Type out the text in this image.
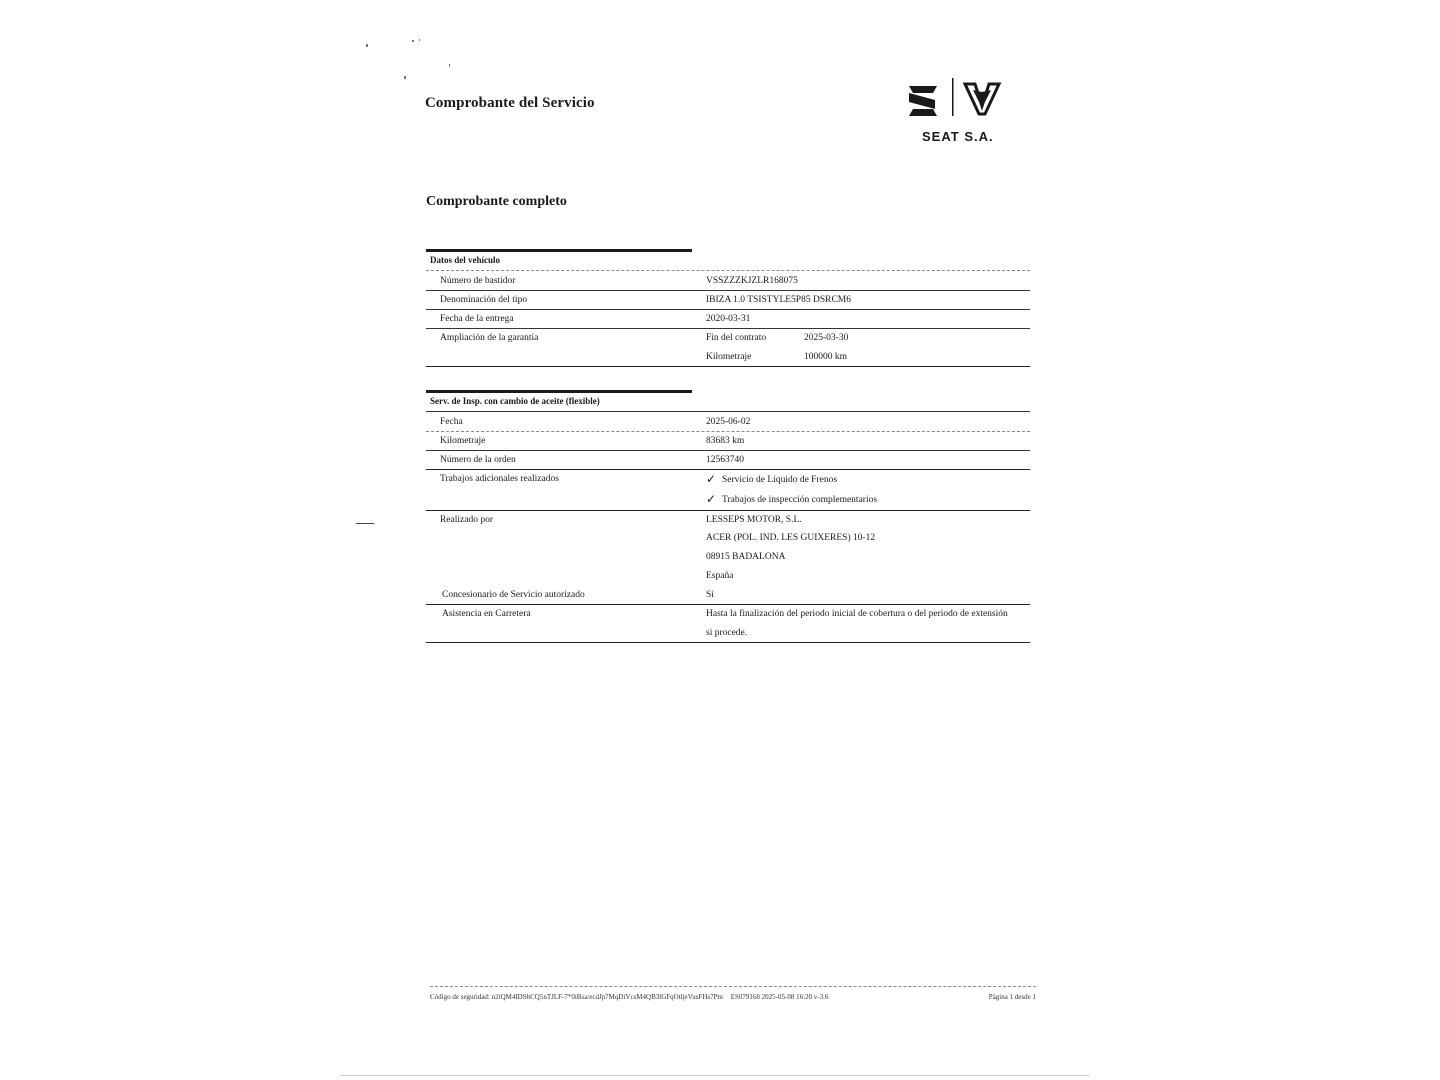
Comprobante del Servicio
SEAT S.A.
Comprobante completo
Datos del vehículo
Número de bastidor	VSSZZZKJZLR168075
Denominación del tipo	IBIZA 1.0 TSISTYLE5P85 DSRCM6
Fecha de la entrega	2020-03-31
Ampliación de la garantía	Fin del contrato	2025-03-30
Kilometraje	100000 km
Serv. de Insp. con cambio de aceite (flexible)
Fecha	2025-06-02
Kilometraje	83683 km
Número de la orden	12563740
Trabajos adicionales realizados	✓ Servicio de Líquido de Frenos
✓ Trabajos de inspección complementarios
Realizado por	LESSEPS MOTOR, S.L.
ACER (POL. IND. LES GUIXERES) 10-12
08915 BADALONA
España
Concesionario de Servicio autorizado	Sí
Asistencia en Carretera	Hasta la finalización del periodo inicial de cobertura o del periodo de extensión
si procede.
Código de seguridad: n2tQM4IDSbCQ5nTJLF-7*0iBsa/ecdJp7MqDiVcsM4QB3lGFqOtljeVusFHs7Pm ES079168 2025-05-08 16:20 v-3.6	Página 1 desde 1
